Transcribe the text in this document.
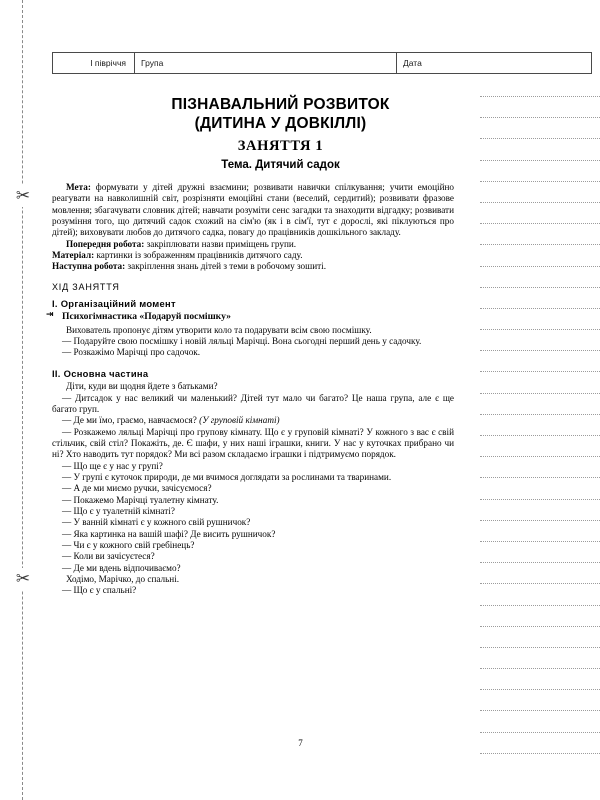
✂
✂
I півріччя	Група	Дата
ПІЗНАВАЛЬНИЙ РОЗВИТОК
(ДИТИНА У ДОВКІЛЛІ)
ЗАНЯТТЯ 1
Тема. Дитячий садок

Мета: формувати у дітей дружні взаємини; розвивати навички спілкування; учити емоційно реагувати на навколишній світ, розрізняти емоційні стани (веселий, сердитий); розвивати фразове мовлення; збагачувати словник дітей; навчати розуміти сенс загадки та знаходити відгадку; розвивати розуміння того, що дитячий садок схожий на сім'ю (як і в сім'ї, тут є дорослі, які піклуються про дітей); виховувати любов до дитячого садка, повагу до працівників дошкільного закладу.

Попередня робота: закріплювати назви приміщень групи.

Матеріал: картинки із зображенням працівників дитячого саду.

Наступна робота: закріплення знань дітей з теми в робочому зошиті.

ХІД ЗАНЯТТЯ

I. Організаційний момент

⇥ Психогімнастика «Подаруй посмішку»

Вихователь пропонує дітям утворити коло та подарувати всім свою посмішку.

— Подаруйте свою посмішку і новій ляльці Марічці. Вона сьогодні перший день у садочку.

— Розкажімо Марічці про садочок.

II. Основна частина

Діти, куди ви щодня йдете з батьками?

— Дитсадок у нас великий чи маленький? Дітей тут мало чи багато? Це наша група, але є ще багато груп.

— Де ми їмо, граємо, навчаємося? (У груповій кімнаті)

— Розкажемо ляльці Марічці про групову кімнату. Що є у груповій кімнаті? У кожного з вас є свій стільчик, свій стіл? Покажіть, де. Є шафи, у них наші іграшки, книги. У нас у куточках прибрано чи ні? Хто наводить тут порядок? Ми всі разом складаємо іграшки і підтримуємо порядок.

— Що ще є у нас у групі?

— У групі є куточок природи, де ми вчимося доглядати за рослинами та тваринами.

— А де ми миємо ручки, зачісуємося?

— Покажемо Марічці туалетну кімнату.

— Що є у туалетній кімнаті?

— У ванній кімнаті є у кожного свій рушничок?

— Яка картинка на вашій шафі? Де висить рушничок?

— Чи є у кожного свій гребінець?

— Коли ви зачісуєтеся?

— Де ми вдень відпочиваємо?

Ходімо, Марічко, до спальні.

— Що є у спальні?

7
